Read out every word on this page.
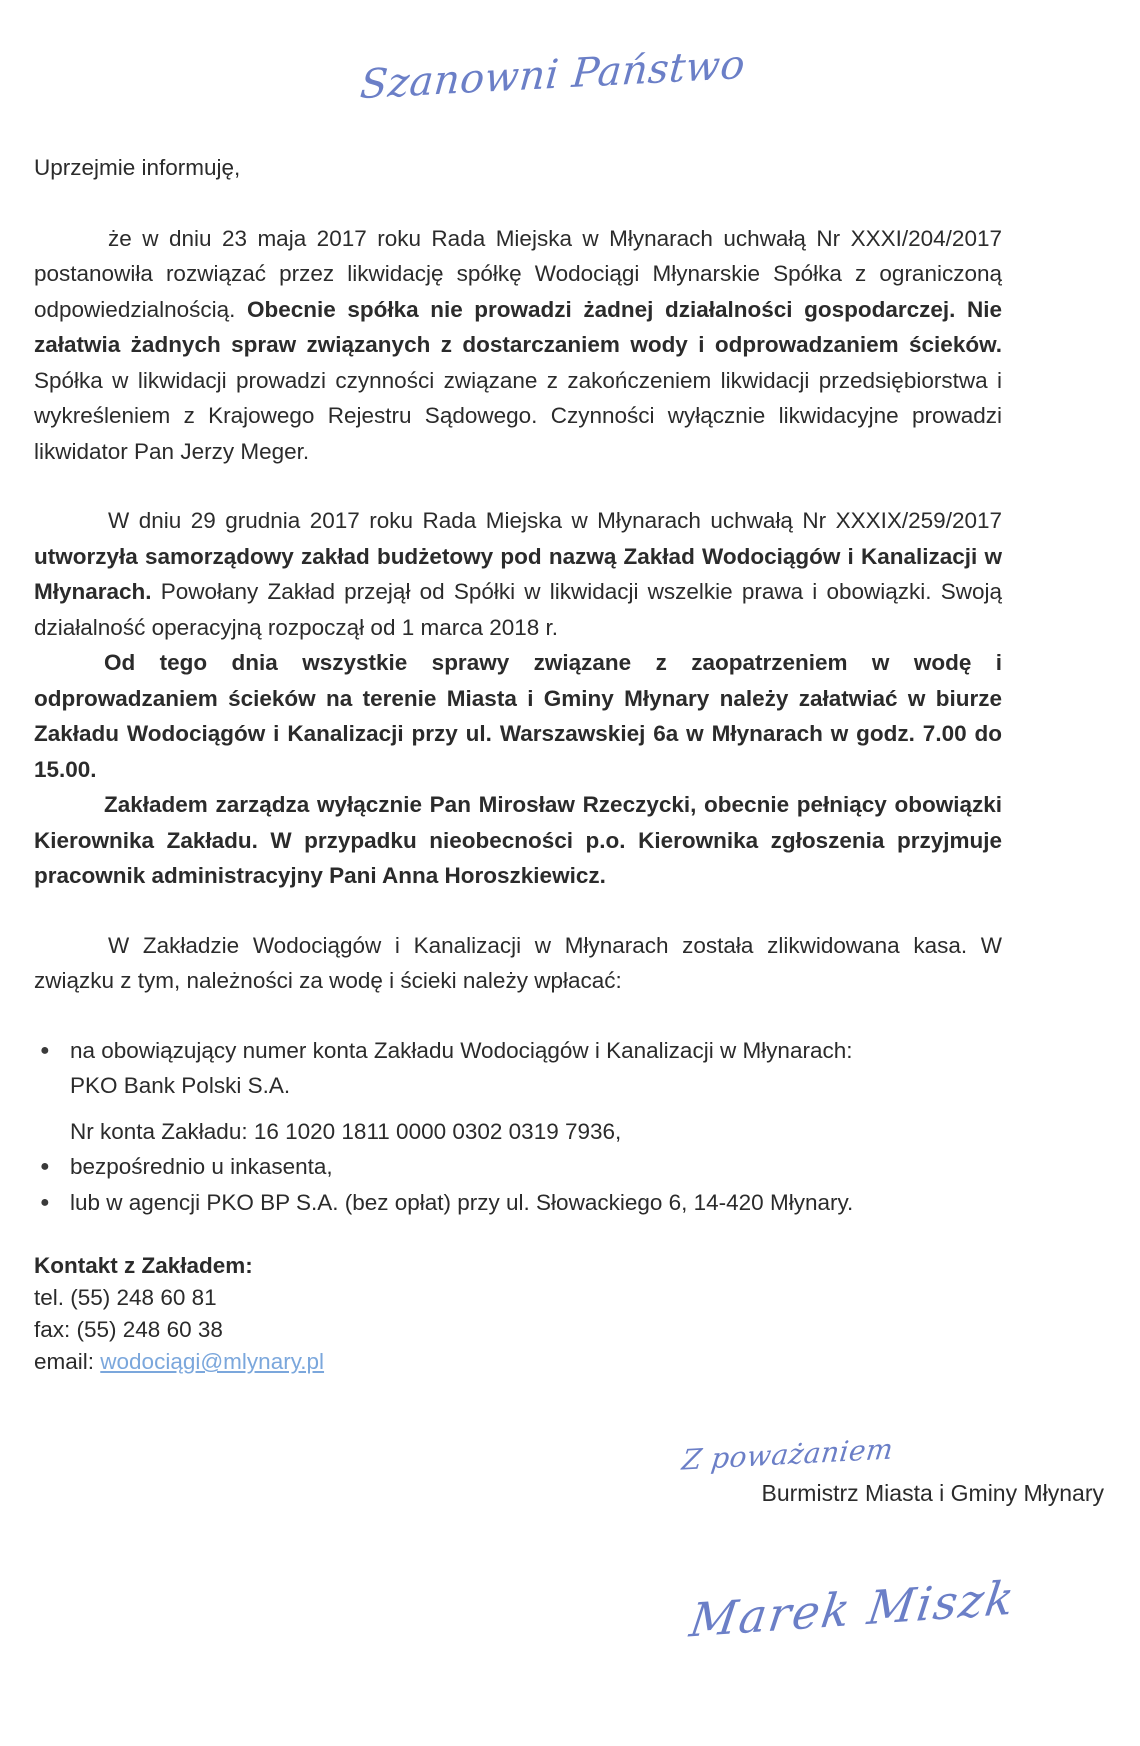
Szanowni Państwo

Uprzejmie informuję,

że w dniu 23 maja 2017 roku Rada Miejska w Młynarach uchwałą Nr XXXI/204/2017 postanowiła rozwiązać przez likwidację spółkę Wodociągi Młynarskie Spółka z ograniczoną odpowiedzialnością. Obecnie spółka nie prowadzi żadnej działalności gospodarczej. Nie załatwia żadnych spraw związanych z dostarczaniem wody i odprowadzaniem ścieków. Spółka w likwidacji prowadzi czynności związane z zakończeniem likwidacji przedsiębiorstwa i wykreśleniem z Krajowego Rejestru Sądowego. Czynności wyłącznie likwidacyjne prowadzi likwidator Pan Jerzy Meger.

W dniu 29 grudnia 2017 roku Rada Miejska w Młynarach uchwałą Nr XXXIX/259/2017 utworzyła samorządowy zakład budżetowy pod nazwą Zakład Wodociągów i Kanalizacji w Młynarach. Powołany Zakład przejął od Spółki w likwidacji wszelkie prawa i obowiązki. Swoją działalność operacyjną rozpoczął od 1 marca 2018 r.

Od tego dnia wszystkie sprawy związane z zaopatrzeniem w wodę i odprowadzaniem ścieków na terenie Miasta i Gminy Młynary należy załatwiać w biurze Zakładu Wodociągów i Kanalizacji przy ul. Warszawskiej 6a w Młynarach w godz. 7.00 do 15.00.

Zakładem zarządza wyłącznie Pan Mirosław Rzeczycki, obecnie pełniący obowiązki Kierownika Zakładu. W przypadku nieobecności p.o. Kierownika zgłoszenia przyjmuje pracownik administracyjny Pani Anna Horoszkiewicz.

W Zakładzie Wodociągów i Kanalizacji w Młynarach została zlikwidowana kasa. W związku z tym, należności za wodę i ścieki należy wpłacać:

● na obowiązujący numer konta Zakładu Wodociągów i Kanalizacji w Młynarach:
PKO Bank Polski S.A.
Nr konta Zakładu: 16 1020 1811 0000 0302 0319 7936,
● bezpośrednio u inkasenta,
● lub w agencji PKO BP S.A. (bez opłat) przy ul. Słowackiego 6, 14-420 Młynary.
Kontakt z Zakładem:
tel. (55) 248 60 81
fax: (55) 248 60 38
email: wodociągi@mlynary.pl
Z poważaniem
Burmistrz Miasta i Gminy Młynary
Marek Miszk
